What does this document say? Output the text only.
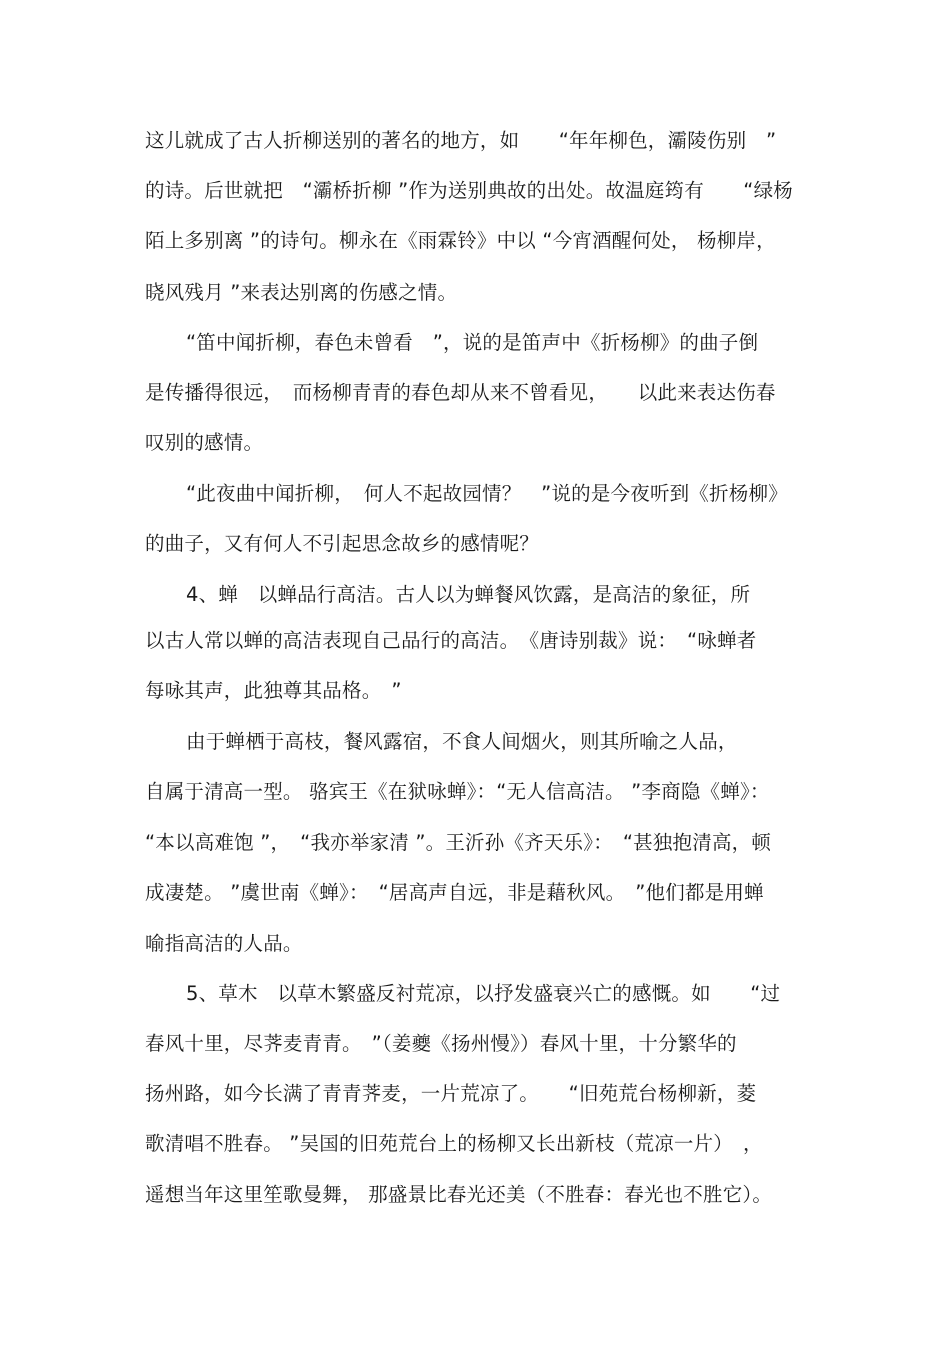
这儿就成了古人折柳送别的著名的地方，如　　“年年柳色，灞陵伤别　”
的诗。后世就把　“灞桥折柳 ”作为送别典故的出处。故温庭筠有　　“绿杨
陌上多别离 ”的诗句。柳永在《雨霖铃》中以 “今宵酒醒何处， 杨柳岸，
晓风残月 ”来表达别离的伤感之情。
“笛中闻折柳，春色未曾看　”，说的是笛声中《折杨柳》的曲子倒
是传播得很远，　而杨柳青青的春色却从来不曾看见，　　以此来表达伤春
叹别的感情。
“此夜曲中闻折柳，　何人不起故园情？　”说的是今夜听到《折杨柳》
的曲子，又有何人不引起思念故乡的感情呢？
4、蝉　以蝉品行高洁。古人以为蝉餐风饮露，是高洁的象征，所
以古人常以蝉的高洁表现自己品行的高洁。　《唐诗别裁》说：　“咏蝉者
每咏其声，此独尊其品格。　”
由于蝉栖于高枝，餐风露宿，不食人间烟火，则其所喻之人品，
自属于清高一型。 骆宾王《在狱咏蝉》：“无人信高洁。 ”李商隐《蝉》：
“本以高难饱 ”，　“我亦举家清 ”。王沂孙《齐天乐》：　“甚独抱清高，顿
成凄楚。 ”虞世南《蝉》：　“居高声自远，非是藉秋风。　”他们都是用蝉
喻指高洁的人品。
5、草木　以草木繁盛反衬荒凉，以抒发盛衰兴亡的感慨。如　　“过
春风十里，尽荠麦青青。　”（姜夔《扬州慢》）春风十里，十分繁华的
扬州路，如今长满了青青荠麦，一片荒凉了。　　“旧苑荒台杨柳新，菱
歌清唱不胜春。 ”吴国的旧苑荒台上的杨柳又长出新枝（荒凉一片）　，
遥想当年这里笙歌曼舞， 那盛景比春光还美（不胜春：春光也不胜它）。
